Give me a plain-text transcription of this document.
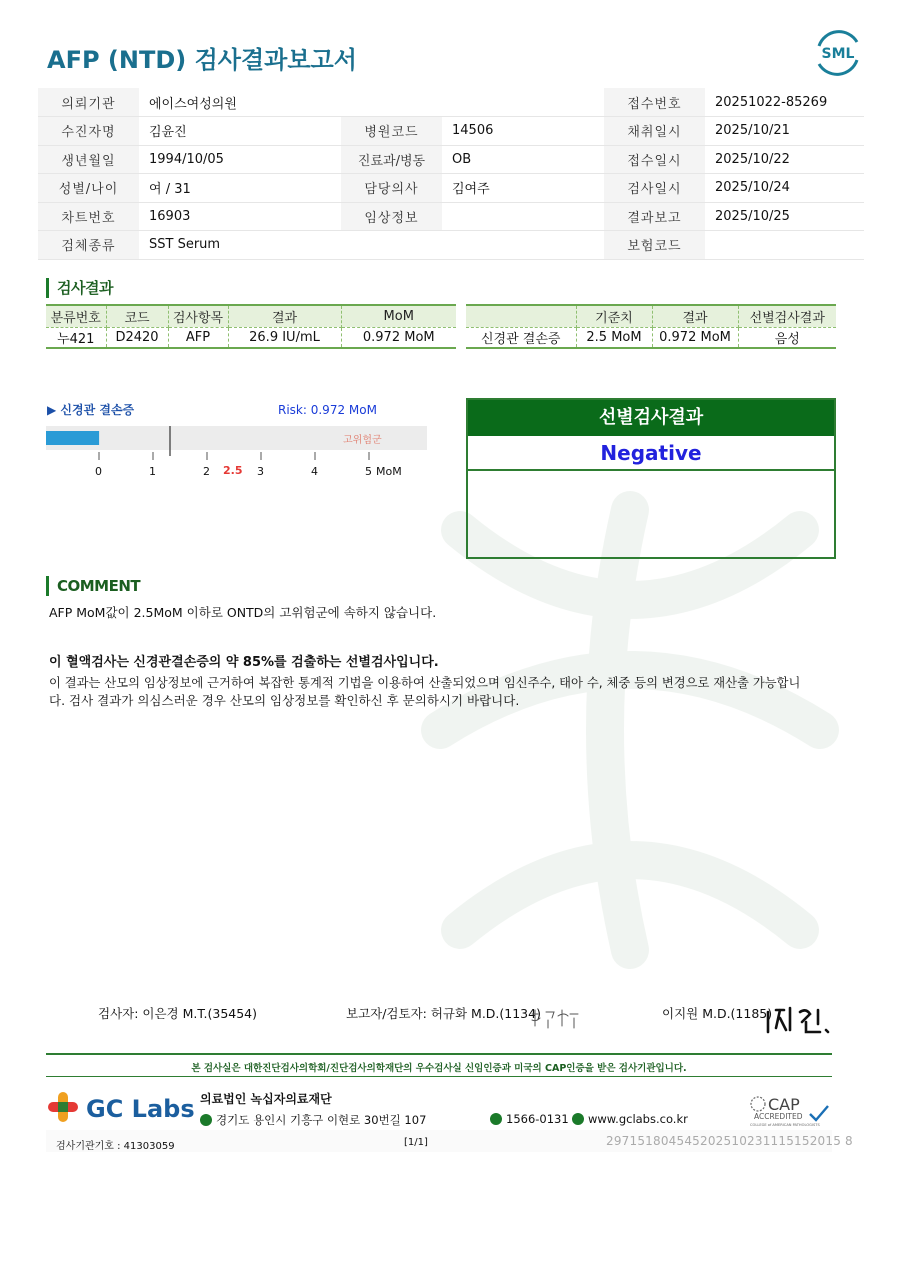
AFP (NTD) 검사결과보고서	SML
의뢰기관	에이스여성의원			접수번호	20251022-85269
수진자명	김윤진	병원코드	14506	채취일시	2025/10/21
생년월일	1994/10/05	진료과/병동	OB	접수일시	2025/10/22
성별/나이	여 / 31	담당의사	김여주	검사일시	2025/10/24
차트번호	16903	임상정보		결과보고	2025/10/25
검체종류	SST Serum			보험코드	
검사결과
분류번호	코드	검사항목	결과	MoM
누421	D2420	AFP	26.9 IU/mL	0.972 MoM
	기준치	결과	선별검사결과
신경관 결손증	2.5 MoM	0.972 MoM	음성
▶ 신경관 결손증	Risk: 0.972 MoM
고위험군
0	1	2	3	4	5
2.5	MoM
선별검사결과
Negative
COMMENT
AFP MoM값이 2.5MoM 이하로 ONTD의 고위험군에 속하지 않습니다.
이 혈액검사는 신경관결손증의 약 85%를 검출하는 선별검사입니다.
이 결과는 산모의 임상정보에 근거하여 복잡한 통계적 기법을 이용하여 산출되었으며 임신주수, 태아 수, 체중 등의 변경으로 재산출 가능합니
다. 검사 결과가 의심스러운 경우 산모의 임상정보를 확인하신 후 문의하시기 바랍니다.
검사자: 이은경 M.T.(35454)	보고자/검토자: 허규화 M.D.(1134)	이지원 M.D.(1185)
본 검사실은 대한진단검사의학회/진단검사의학재단의 우수검사실 신임인증과 미국의 CAP인증을 받은 검사기관입니다.
GC Labs 의료법인 녹십자의료재단
경기도 용인시 기흥구 이현로 30번길 107	1566-0131	www.gclabs.co.kr
CAP
ACCREDITED
COLLEGE of AMERICAN PATHOLOGISTS
검사기관기호 : 41303059	[1/1]	297151804545202510231115152015 8
